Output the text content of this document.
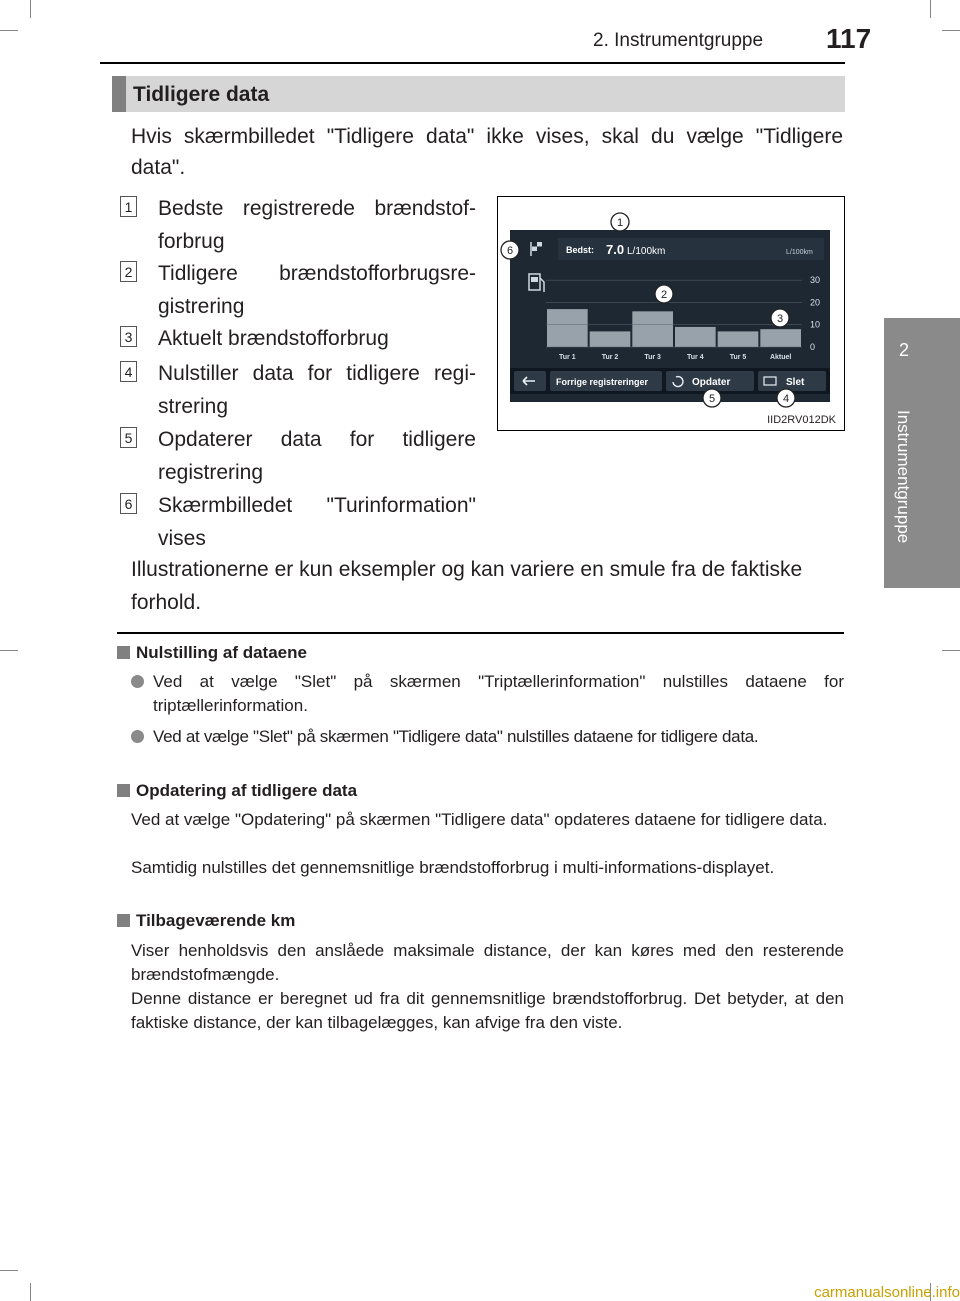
2. Instrumentgruppe 117
2
Instrumentgruppe
Tidligere data
Hvis skærmbilledet "Tidligere data" ikke vises, skal du vælge "Tidligere data".
1 Bedste registrerede brændstof-forbrug
2 Tidligere brændstofforbrugsre-gistrering
3 Aktuelt brændstofforbrug
4 Nulstiller data for tidligere regi-strering
5 Opdaterer data for tidligere registrering
6 Skærmbilledet "Turinformation" vises
Bedst: 7.0 L/100km	L/100km
30
20
10
0
Tur 1	Tur 2	Tur 3	Tur 4	Tur 5	Aktuel
Forrige registreringer	Opdater	Slet
1
2
3
4
5
6
IID2RV012DK
Illustrationerne er kun eksempler og kan variere en smule fra de faktiske forhold.
Nulstilling af dataene
Ved at vælge "Slet" på skærmen "Triptællerinformation" nulstilles dataene for triptællerinformation.
Ved at vælge "Slet" på skærmen "Tidligere data" nulstilles dataene for tidligere data.
Opdatering af tidligere data
Ved at vælge "Opdatering" på skærmen "Tidligere data" opdateres dataene for tidligere data.
Samtidig nulstilles det gennemsnitlige brændstofforbrug i multi-informations-displayet.
Tilbageværende km
Viser henholdsvis den anslåede maksimale distance, der kan køres med den resterende brændstofmængde.
Denne distance er beregnet ud fra dit gennemsnitlige brændstofforbrug. Det betyder, at den faktiske distance, der kan tilbagelægges, kan afvige fra den viste.
carmanualsonline.info
